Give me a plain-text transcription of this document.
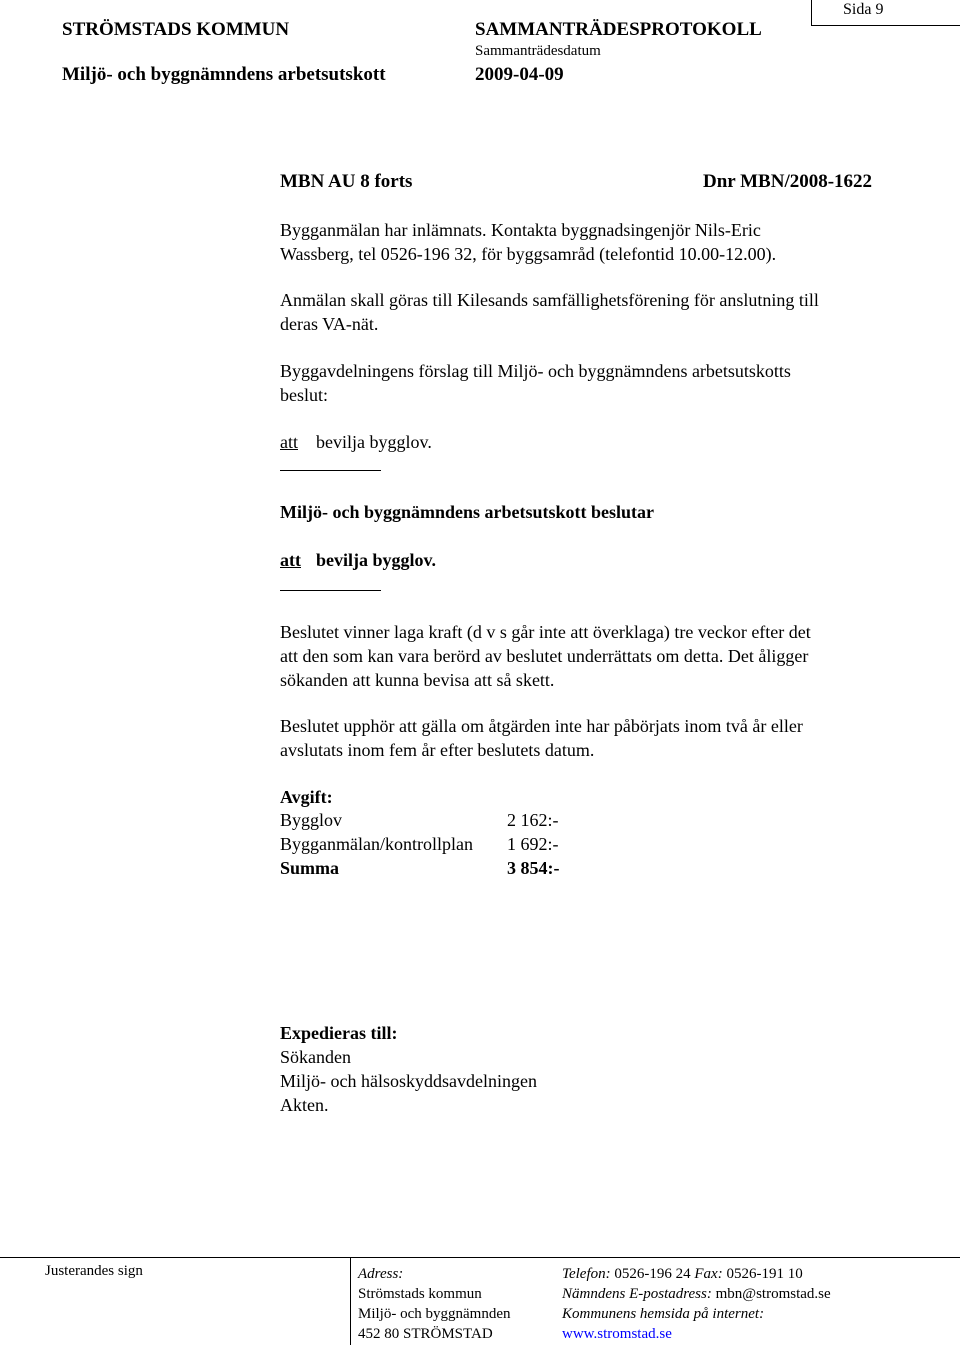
STRÖMSTADS KOMMUN
Miljö- och byggnämndens arbetsutskott
SAMMANTRÄDESPROTOKOLL
Sammanträdesdatum
2009-04-09
Sida 9
MBN AU 8 forts	Dnr MBN/2008-1622
Bygganmälan har inlämnats. Kontakta byggnadsingenjör Nils-Eric
Wassberg, tel 0526-196 32, för byggsamråd (telefontid 10.00-12.00).
Anmälan skall göras till Kilesands samfällighetsförening för anslutning till
deras VA-nät.
Byggavdelningens förslag till Miljö- och byggnämndens arbetsutskotts
beslut:
att bevilja bygglov.
Miljö- och byggnämndens arbetsutskott beslutar
att bevilja bygglov.
Beslutet vinner laga kraft (d v s går inte att överklaga) tre veckor efter det
att den som kan vara berörd av beslutet underrättats om detta. Det åligger
sökanden att kunna bevisa att så skett.
Beslutet upphör att gälla om åtgärden inte har påbörjats inom två år eller
avslutats inom fem år efter beslutets datum.
Avgift:
Bygglov	2 162:-
Bygganmälan/kontrollplan 1 692:-
Summa	3 854:-
Expedieras till:
Sökanden
Miljö- och hälsoskyddsavdelningen
Akten.
Justerandes sign	Adress:
Strömstads kommun
Miljö- och byggnämnden
452 80 STRÖMSTAD
Telefon: 0526-196 24 Fax: 0526-191 10
Nämndens E-postadress: mbn@stromstad.se
Kommunens hemsida på internet:
www.stromstad.se
